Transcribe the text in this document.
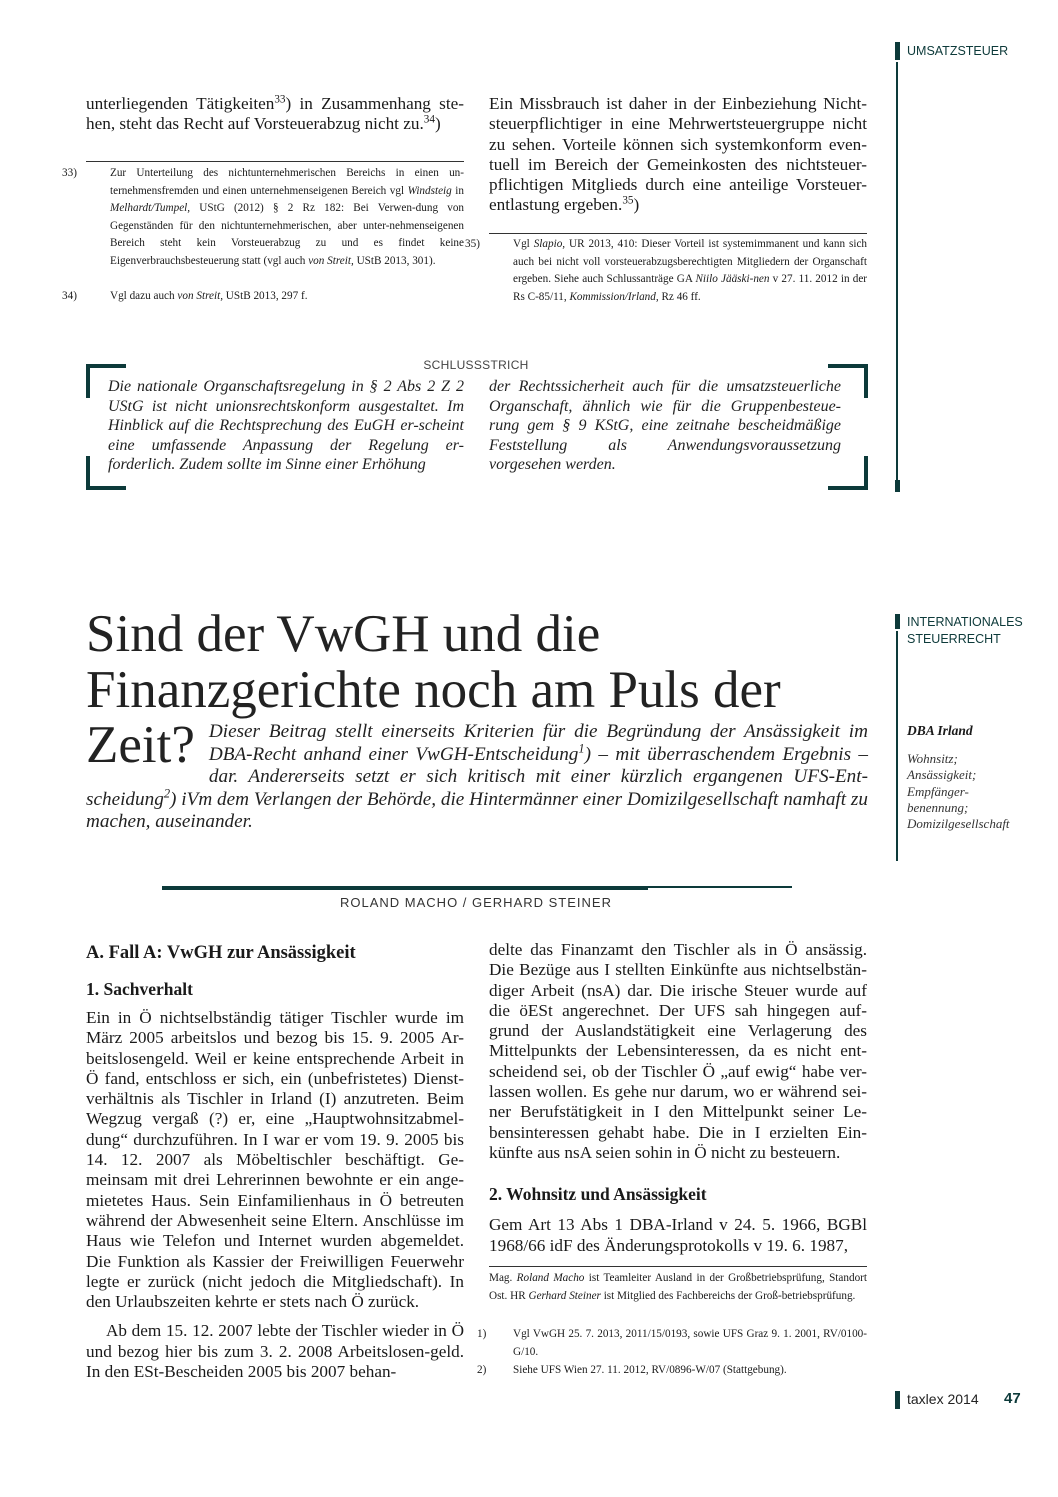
UMSATZSTEUER
INTERNATIONALES
STEUERRECHT
DBA Irland
Wohnsitz;
Ansässigkeit;
Empfänger-
benennung;
Domizilgesellschaft
unterliegenden Tätigkeiten$^{33}$) in Zusammenhang ste- hen, steht das Recht auf Vorsteuerabzug nicht zu.$^{34}$)
33)	Zur Unterteilung des nichtunternehmerischen Bereichs in einen un-ternehmensfremden und einen unternehmenseigenen Bereich vgl Windsteig in Melhardt/Tumpel, UStG (2012) § 2 Rz 182: Bei Verwen-dung von Gegenständen für den nichtunternehmerischen, aber unter-nehmenseigenen Bereich steht kein Vorsteuerabzug zu und es findet keine Eigenverbrauchsbesteuerung statt (vgl auch von Streit, UStB 2013, 301).
34)	Vgl dazu auch von Streit, UStB 2013, 297 f.
Ein Missbrauch ist daher in der Einbeziehung Nicht-steuerpflichtiger in eine Mehrwertsteuergruppe nicht zu sehen. Vorteile können sich systemkonform even-tuell im Bereich der Gemeinkosten des nichtsteuer-pflichtigen Mitglieds durch eine anteilige Vorsteuer-entlastung ergeben.$^{35}$)
35)	Vgl Slapio, UR 2013, 410: Dieser Vorteil ist systemimmanent und kann sich auch bei nicht voll vorsteuerabzugsberechtigten Mitgliedern der Organschaft ergeben. Siehe auch Schlussanträge GA Niilo Jääski-nen v 27. 11. 2012 in der Rs C-85/11, Kommission/Irland, Rz 46 ff.
SCHLUSSSTRICH
Die nationale Organschaftsregelung in § 2 Abs 2 Z 2 UStG ist nicht unionsrechtskonform ausgestaltet. Im Hinblick auf die Rechtsprechung des EuGH er-scheint eine umfassende Anpassung der Regelung er-forderlich. Zudem sollte im Sinne einer Erhöhung
der Rechtssicherheit auch für die umsatzsteuerliche Organschaft, ähnlich wie für die Gruppenbesteue-rung gem § 9 KStG, eine zeitnahe bescheidmäßige Feststellung als Anwendungsvoraussetzung vorgesehen werden.
Sind der VwGH und die
Finanzgerichte noch am Puls der
Zeit? Dieser Beitrag stellt einerseits Kriterien für die Begründung der Ansässigkeit im DBA-Recht anhand einer VwGH-Entscheidung$^1$) – mit überraschendem Ergebnis – dar. Andererseits setzt er sich kritisch mit einer kürzlich ergangenen UFS-Ent-scheidung$^2$) iVm dem Verlangen der Behörde, die Hintermänner einer Domizilgesellschaft namhaft zu machen, auseinander.
ROLAND MACHO / GERHARD STEINER
A. Fall A: VwGH zur Ansässigkeit
1. Sachverhalt

Ein in Ö nichtselbständig tätiger Tischler wurde im März 2005 arbeitslos und bezog bis 15. 9. 2005 Ar-beitslosengeld. Weil er keine entsprechende Arbeit in Ö fand, entschloss er sich, ein (unbefristetes) Dienst-verhältnis als Tischler in Irland (I) anzutreten. Beim Wegzug vergaß (?) er, eine „Hauptwohnsitzabmel-dung“ durchzuführen. In I war er vom 19. 9. 2005 bis 14. 12. 2007 als Möbeltischler beschäftigt. Ge-meinsam mit drei Lehrerinnen bewohnte er ein ange-mietetes Haus. Sein Einfamilienhaus in Ö betreuten während der Abwesenheit seine Eltern. Anschlüsse im Haus wie Telefon und Internet wurden abgemeldet. Die Funktion als Kassier der Freiwilligen Feuerwehr legte er zurück (nicht jedoch die Mitgliedschaft). In den Urlaubszeiten kehrte er stets nach Ö zurück.

Ab dem 15. 12. 2007 lebte der Tischler wieder in Ö und bezog hier bis zum 3. 2. 2008 Arbeitslosen-geld. In den ESt-Bescheiden 2005 bis 2007 behan-

delte das Finanzamt den Tischler als in Ö ansässig. Die Bezüge aus I stellten Einkünfte aus nichtselbstän-diger Arbeit (nsA) dar. Die irische Steuer wurde auf die öESt angerechnet. Der UFS sah hingegen auf-grund der Auslandstätigkeit eine Verlagerung des Mittelpunkts der Lebensinteressen, da es nicht ent-scheidend sei, ob der Tischler Ö „auf ewig“ habe ver-lassen wollen. Es gehe nur darum, wo er während sei-ner Berufstätigkeit in I den Mittelpunkt seiner Le-bensinteressen gehabt habe. Die in I erzielten Ein-künfte aus nsA seien sohin in Ö nicht zu besteuern.

2. Wohnsitz und Ansässigkeit

Gem Art 13 Abs 1 DBA-Irland v 24. 5. 1966, BGBl 1968/66 idF des Änderungsprotokolls v 19. 6. 1987,

Mag. Roland Macho ist Teamleiter Ausland in der Großbetriebsprüfung, Standort Ost. HR Gerhard Steiner ist Mitglied des Fachbereichs der Groß-betriebsprüfung.
1) Vgl VwGH 25. 7. 2013, 2011/15/0193, sowie UFS Graz 9. 1. 2001, RV/0100-G/10.
2) Siehe UFS Wien 27. 11. 2012, RV/0896-W/07 (Stattgebung).
taxlex 2014 47
